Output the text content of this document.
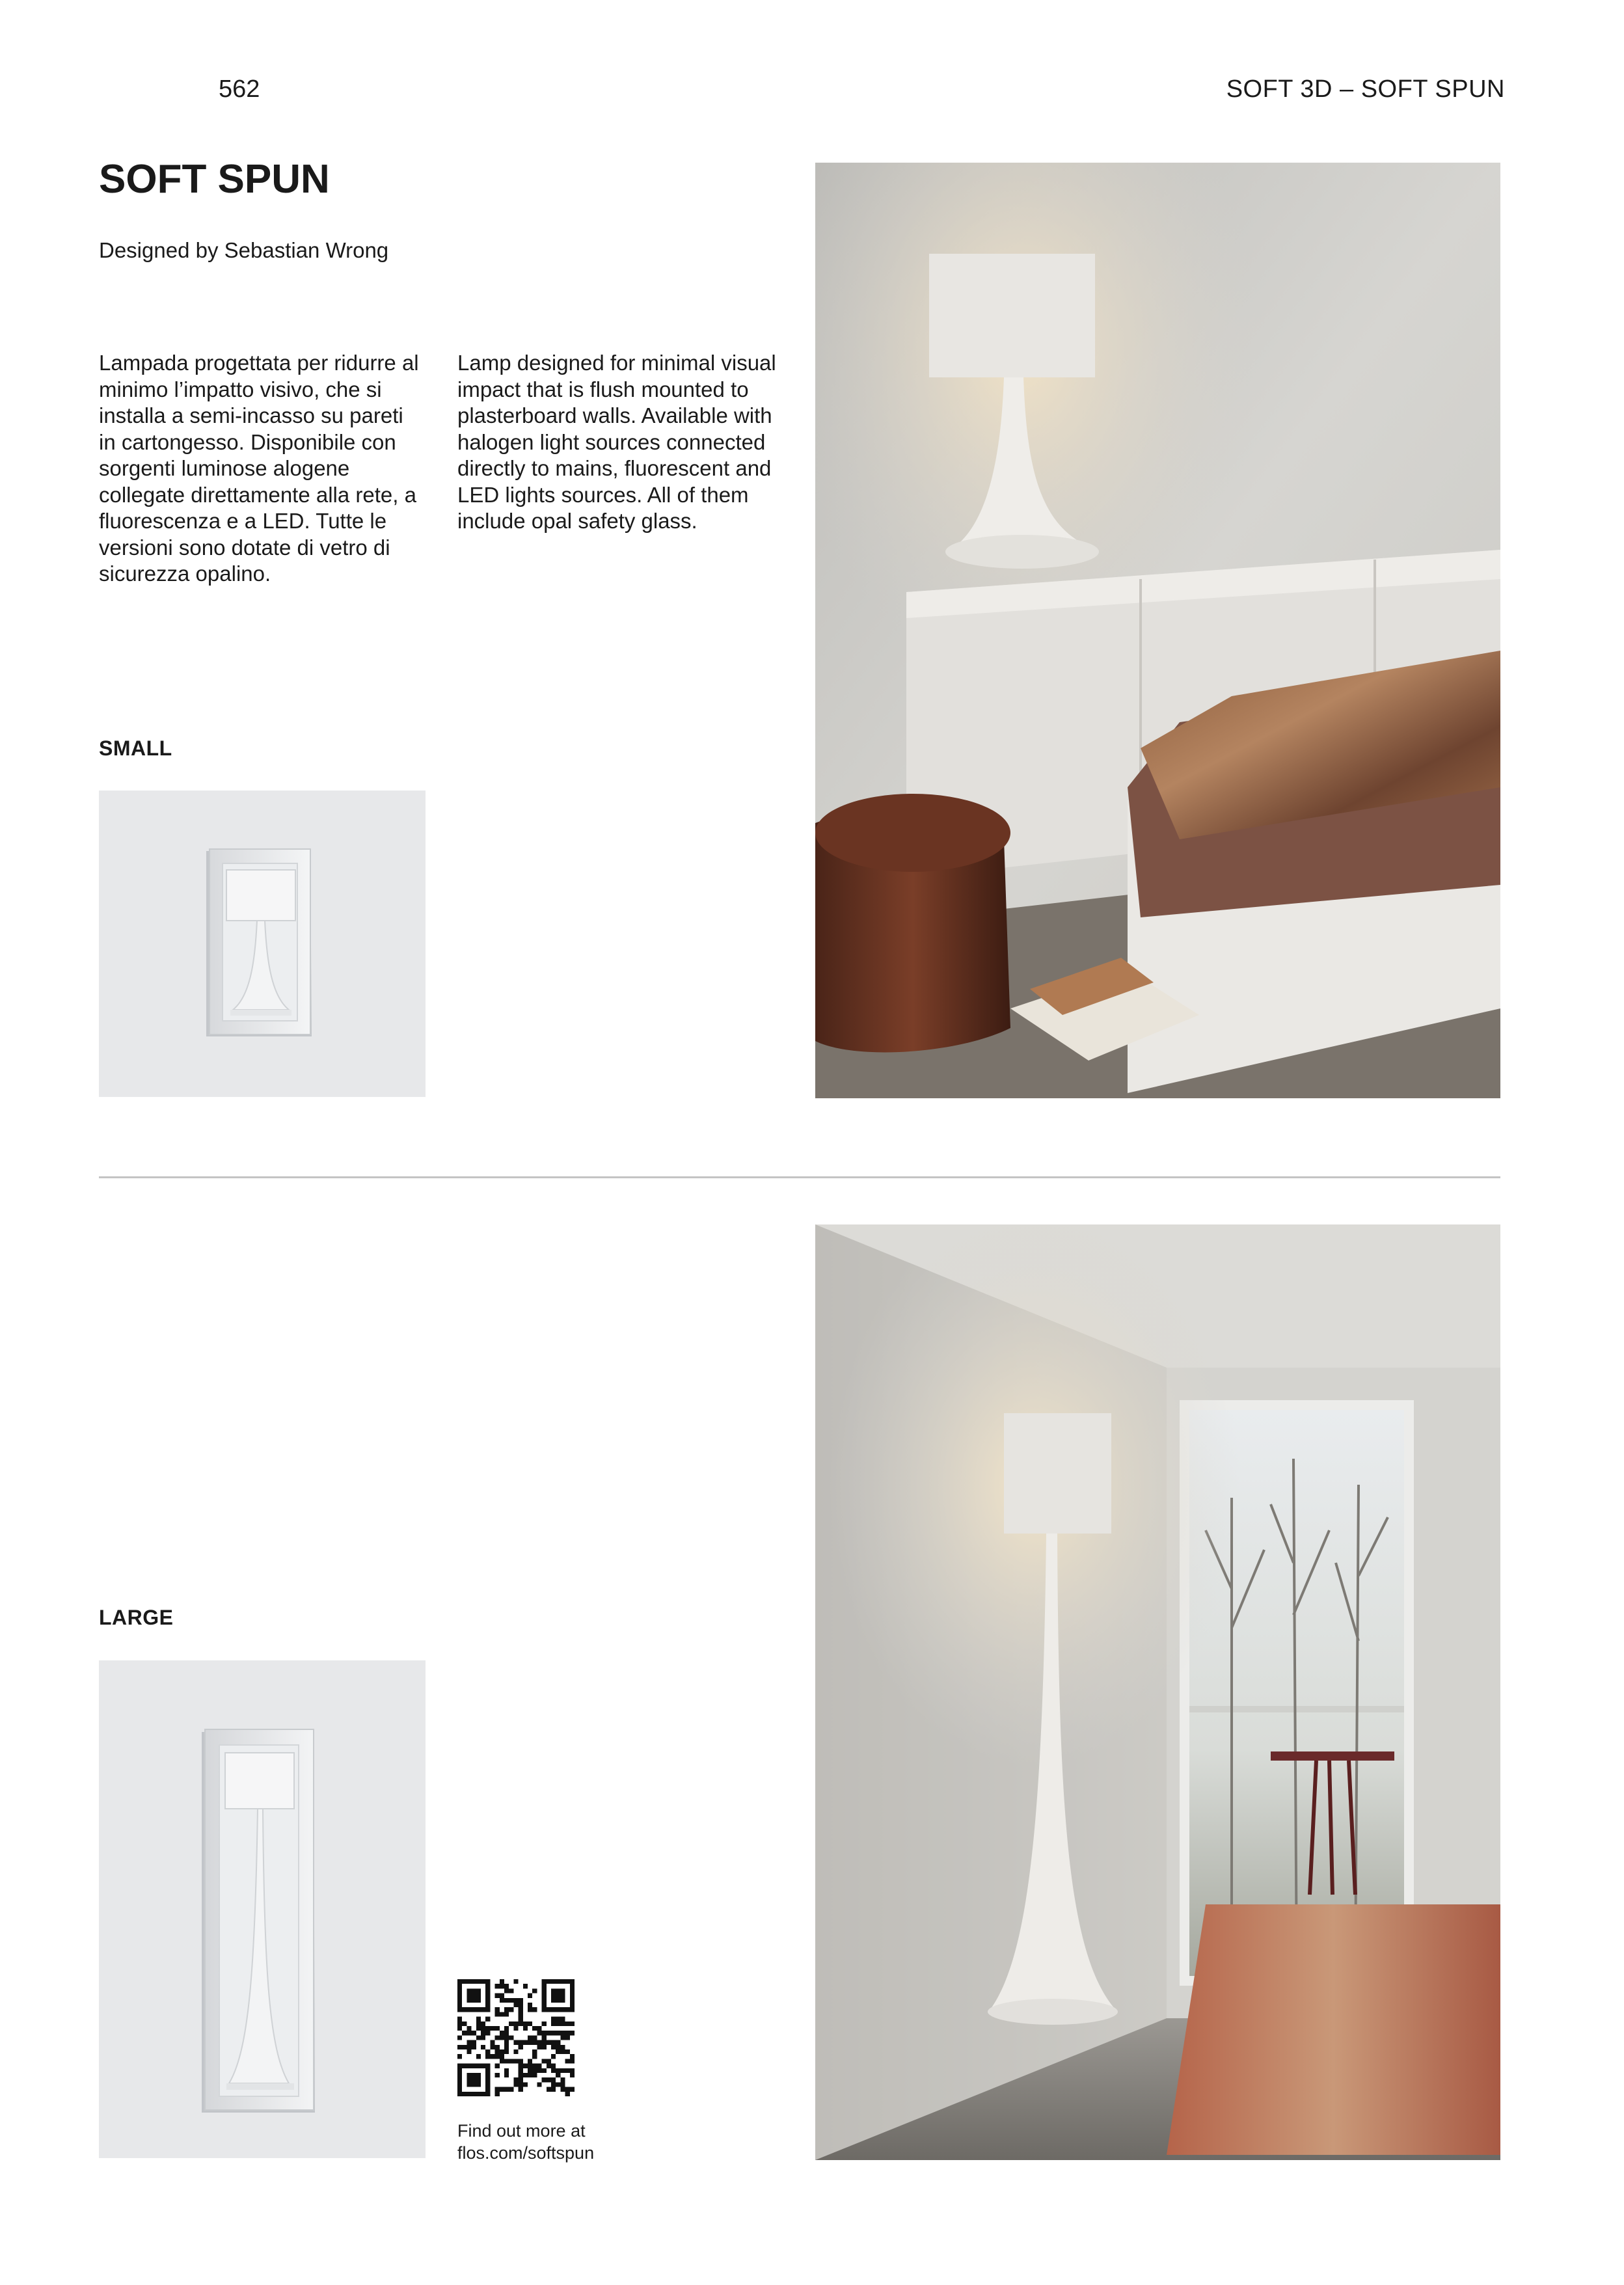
562	SOFT 3D – SOFT SPUN
SOFT SPUN
Designed by Sebastian Wrong
Lampada progettata per ridurre al minimo l’impatto visivo, che si installa a semi-incasso su pareti in cartongesso. Disponibile con sorgenti luminose alogene collegate direttamente alla rete, a fluorescenza e a LED. Tutte le versioni sono dotate di vetro di sicurezza opalino.
Lamp designed for minimal visual impact that is flush mounted to plasterboard walls. Available with halogen light sources connected directly to mains, fluorescent and LED lights sources. All of them include opal safety glass.
SMALL
LARGE
Find out more at
flos.com/softspun
